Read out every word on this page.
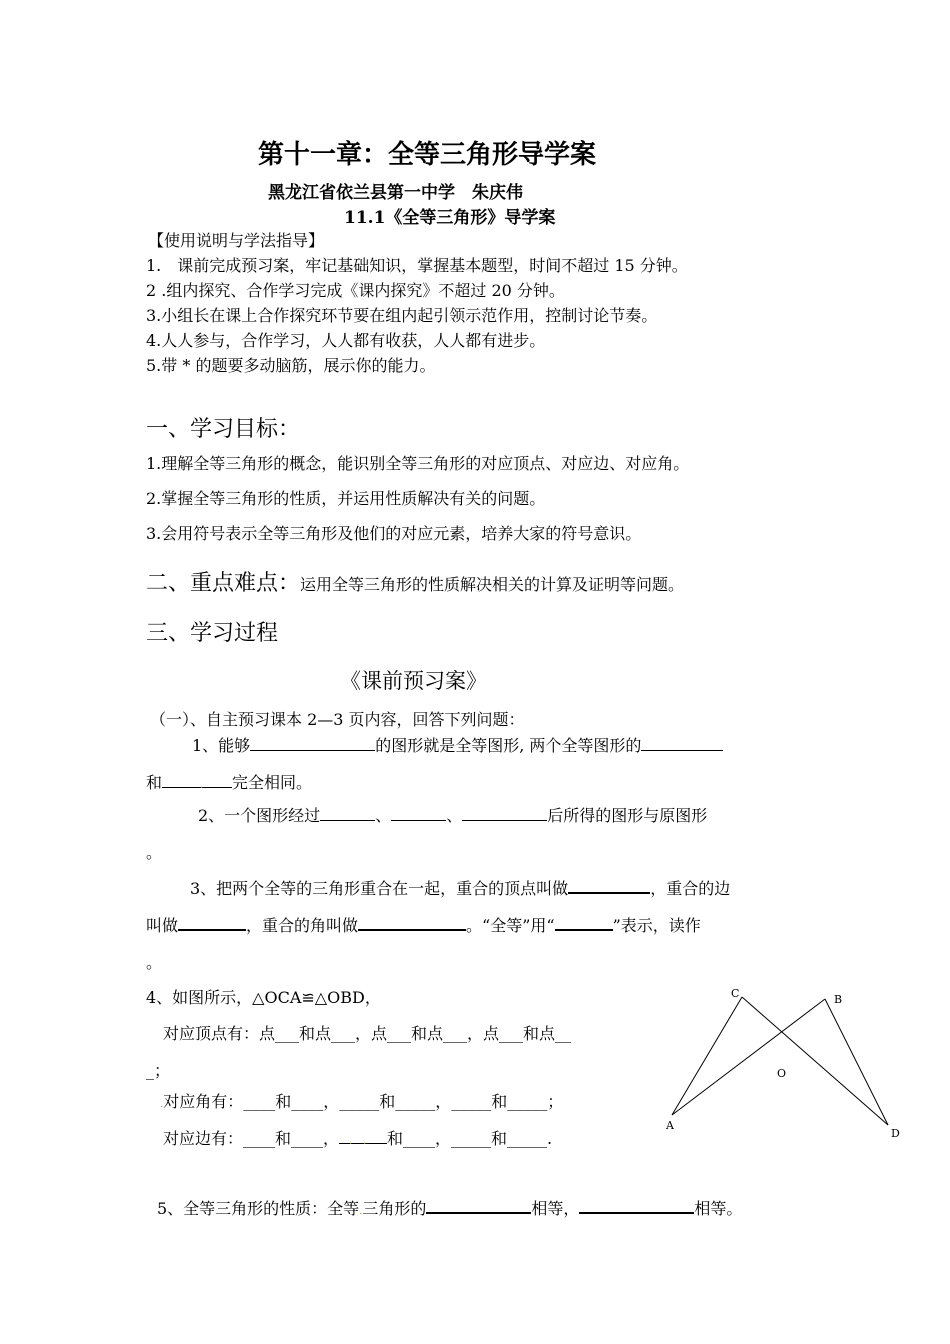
第十一章：全等三角形导学案
黑龙江省依兰县第一中学　朱庆伟
11.1《全等三角形》导学案
【使用说明与学法指导】
1.　课前完成预习案，牢记基础知识，掌握基本题型，时间不超过 15 分钟。
2 .组内探究、合作学习完成《课内探究》不超过 20 分钟。
3.小组长在课上合作探究环节要在组内起引领示范作用，控制讨论节奏。
4.人人参与，合作学习，人人都有收获，人人都有进步。
5.带 * 的题要多动脑筋，展示你的能力。
一、学习目标：
1.理解全等三角形的概念，能识别全等三角形的对应顶点、对应边、对应角。
2.掌握全等三角形的性质，并运用性质解决有关的问题。
3.会用符号表示全等三角形及他们的对应元素，培养大家的符号意识。
二、重点难点：运用全等三角形的性质解决相关的计算及证明等问题。
三、学习过程
《课前预习案》
（一）、自主预习课本 2—3 页内容，回答下列问题：
1、能够	的图形就是全等图形, 两个全等图形的
和	. 完全相同。
2、一个图形经过	、	、	后所得的图形与原图形
。
3、把两个全等的三角形重合在一起，重合的顶点叫做	，重合的边
叫做	，重合的角叫做	。“全等”用“	”表示，读作
。
4、如图所示，△OCA≌△OBD，
对应顶点有：点___和点___，点___和点___，点___和点__
_；
.对应角有：____和____，_____和_____，_____和_____；
对应边有：____和____， . . 和____，_____和_____.
5、全等三角形的性质：全等.三角形的	相等，	相等。
C	B
O
A
D
